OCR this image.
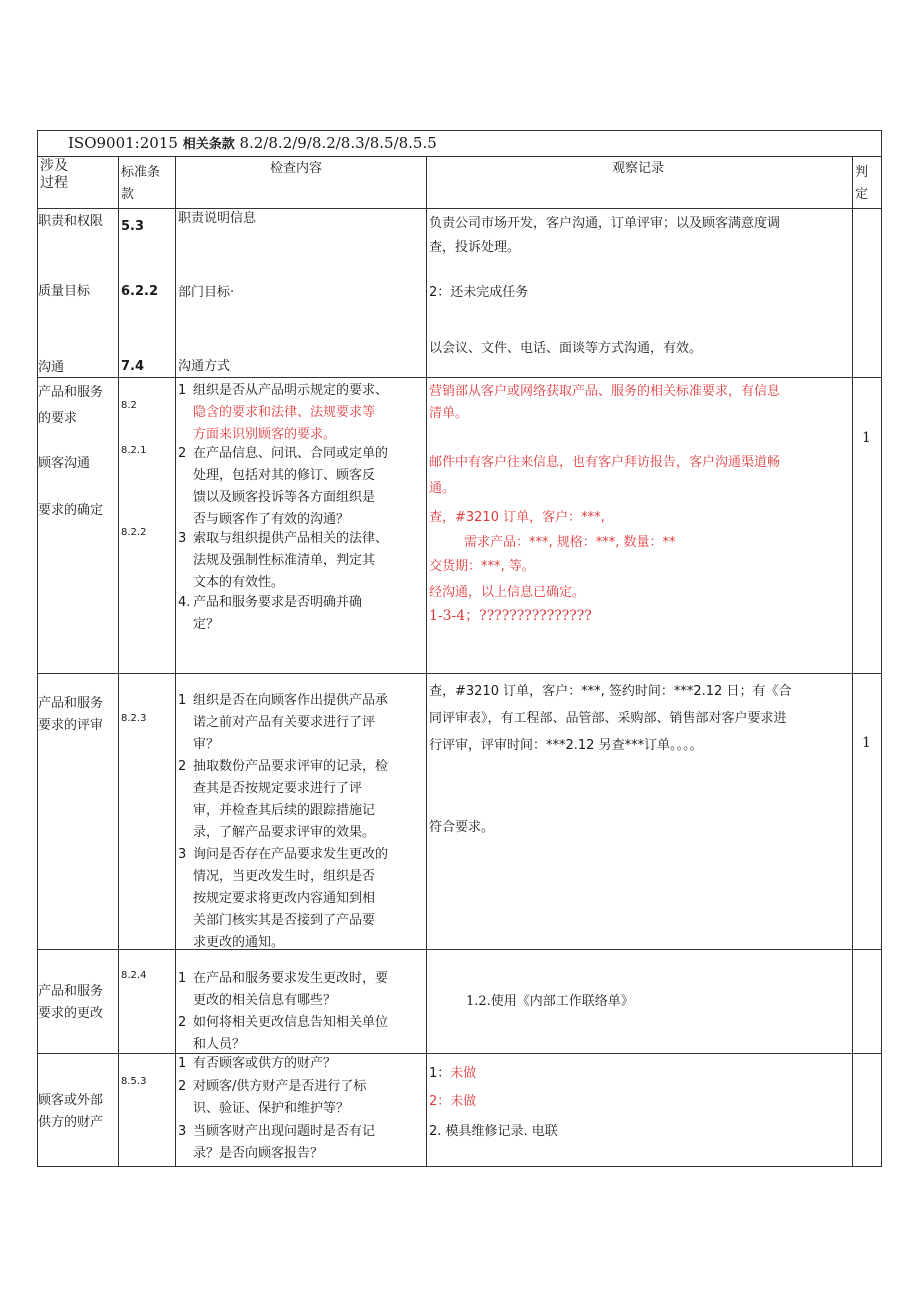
ISO9001:2015 相关条款 8.2/8.2/9/8.2/8.3/8.5/8.5.5
涉及
过程
标准条
款
检查内容	观察记录	判
定
职责和权限
质量目标
沟通
5.3
6.2.2
7.4
职责说明信息
部门目标·
沟通方式
负责公司市场开发，客户沟通，订单评审；以及顾客满意度调
查，投诉处理。
2：还未完成任务
以会议、文件、电话、面谈等方式沟通，有效。
产品和服务
的要求
顾客沟通
要求的确定
8.2
8.2.1
8.2.2
1 组织是否从产品明示规定的要求、
隐含的要求和法律、法规要求等
方面来识别顾客的要求。
2 在产品信息、问讯、合同或定单的
处理，包括对其的修订、顾客反
馈以及顾客投诉等各方面组织是
否与顾客作了有效的沟通？
3 索取与组织提供产品相关的法律、
法规及强制性标准清单，判定其
文本的有效性。
4. 产品和服务要求是否明确并确
定？
营销部从客户或网络获取产品、服务的相关标准要求，有信息
清单。
邮件中有客户往来信息，也有客户拜访报告，客户沟通渠道畅
通。
查，#3210 订单，客户：***,
需求产品：***, 规格：***, 数量：**
交货期：***, 等。
经沟通，以上信息已确定。
1-3-4；???????????????
1
产品和服务
要求的评审 8.2.3
1 组织是否在向顾客作出提供产品承
诺之前对产品有关要求进行了评
审？
2 抽取数份产品要求评审的记录，检
查其是否按规定要求进行了评
审，并检查其后续的跟踪措施记
录，了解产品要求评审的效果。
3 询问是否存在产品要求发生更改的
情况，当更改发生时，组织是否
按规定要求将更改内容通知到相
关部门核实其是否接到了产品要
求更改的通知。
查，#3210 订单，客户：***, 签约时间：***2.12 日；有《合
同评审表》，有工程部、品管部、采购部、销售部对客户要求进
行评审，评审时间：***2.12 另查***订单。。。。
符合要求。
1
产品和服务
要求的更改
8.2.4 1 在产品和服务要求发生更改时，要
更改的相关信息有哪些？
2 如何将相关更改信息告知相关单位
和人员？
1.2.使用《内部工作联络单》
顾客或外部
供方的财产
8.5.3
1 有否顾客或供方的财产？
2 对顾客/供方财产是否进行了标
识、验证、保护和维护等？
3 当顾客财产出现问题时是否有记
录？是否向顾客报告？
1：未做
2：未做
2. 模具维修记录. 电联
